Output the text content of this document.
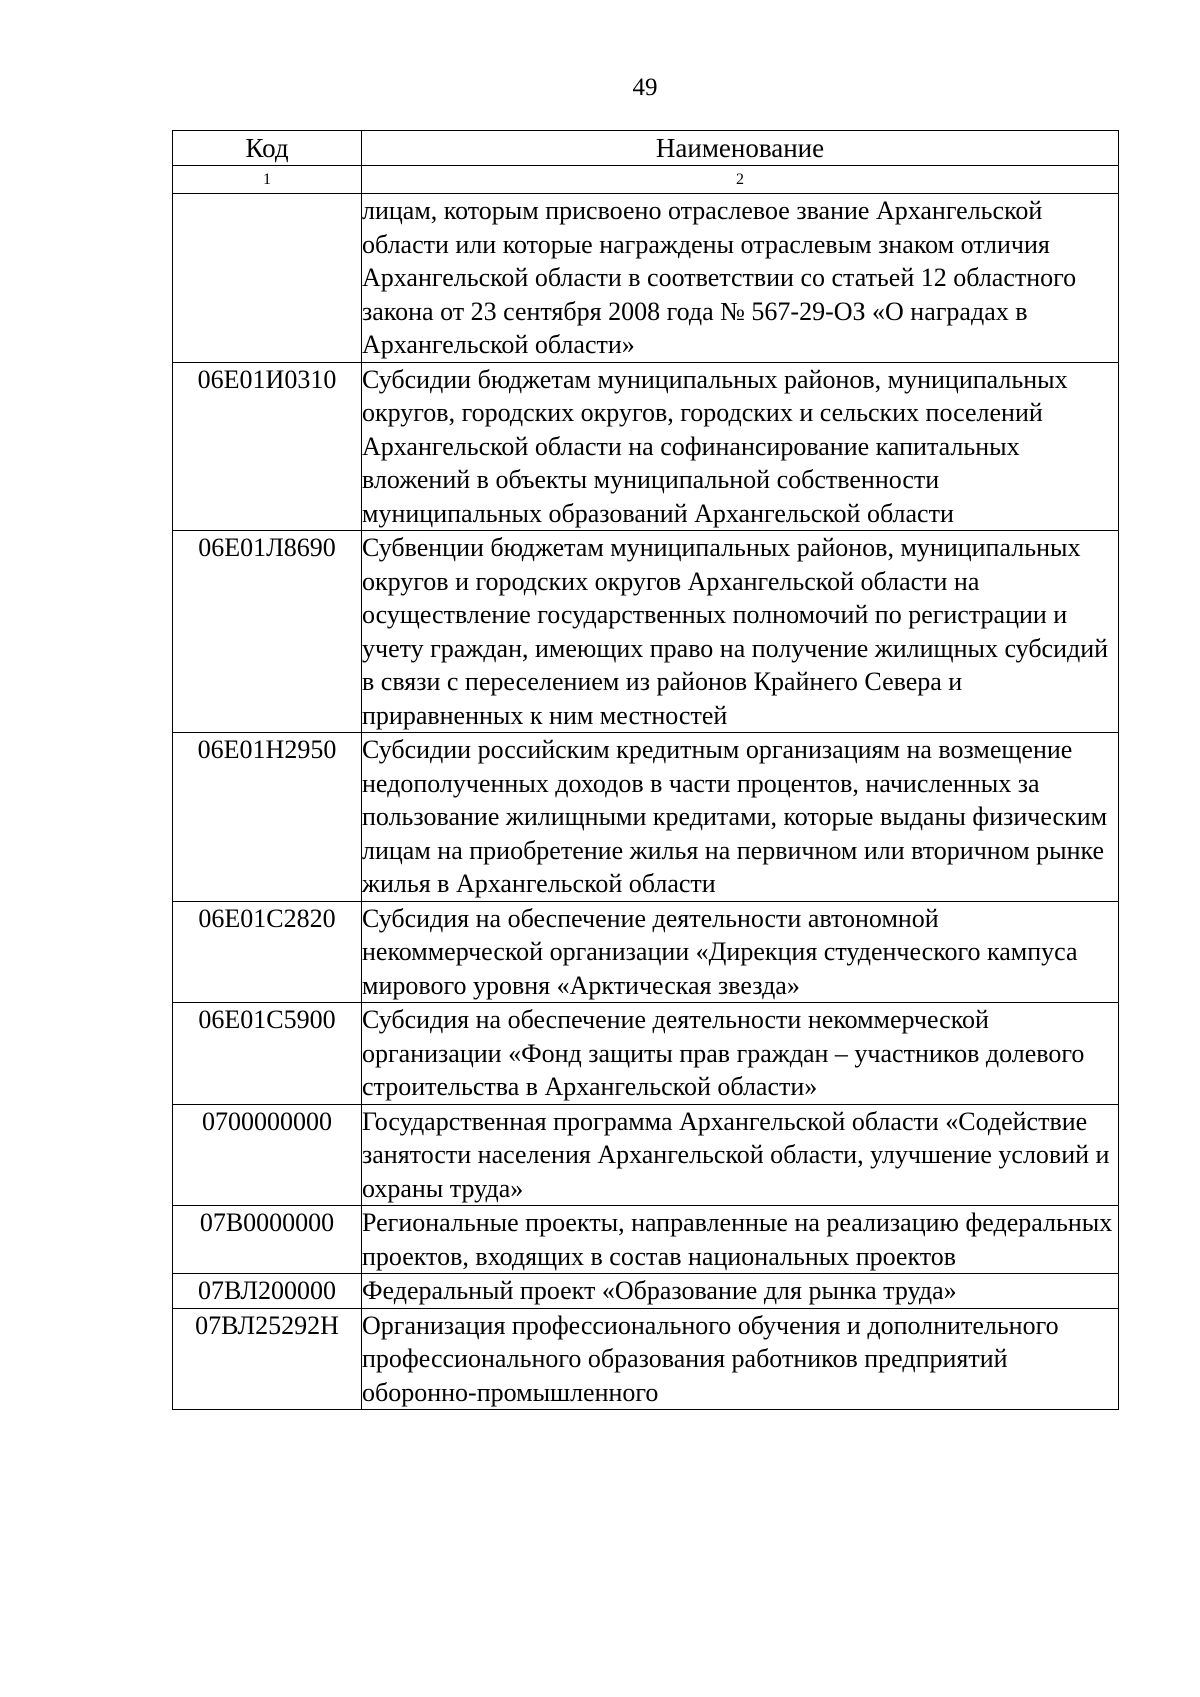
49
Код	Наименование
1	2
	лицам, которым присвоено отраслевое звание Архангельской области или которые награждены отраслевым знаком отличия Архангельской области в соответствии со статьей 12 областного закона от 23 сентября 2008 года № 567-29-ОЗ «О наградах в Архангельской области»
06Е01И0310	Субсидии бюджетам муниципальных районов, муниципальных округов, городских округов, городских и сельских поселений Архангельской области на софинансирование капитальных вложений в объекты муниципальной собственности муниципальных образований Архангельской области
06Е01Л8690	Субвенции бюджетам муниципальных районов, муниципальных округов и городских округов Архангельской области на осуществление государственных полномочий по регистрации и учету граждан, имеющих право на получение жилищных субсидий в связи с переселением из районов Крайнего Севера и приравненных к ним местностей
06Е01Н2950	Субсидии российским кредитным организациям на возмещение недополученных доходов в части процентов, начисленных за пользование жилищными кредитами, которые выданы физическим лицам на приобретение жилья на первичном или вторичном рынке жилья в Архангельской области
06Е01С2820	Субсидия на обеспечение деятельности автономной некоммерческой организации «Дирекция студенческого кампуса мирового уровня «Арктическая звезда»
06Е01С5900	Субсидия на обеспечение деятельности некоммерческой организации «Фонд защиты прав граждан – участников долевого строительства в Архангельской области»
0700000000	Государственная программа Архангельской области «Содействие занятости населения Архангельской области, улучшение условий и охраны труда»
07В0000000	Региональные проекты, направленные на реализацию федеральных проектов, входящих в состав национальных проектов
07ВЛ200000	Федеральный проект «Образование для рынка труда»
07ВЛ25292Н	Организация профессионального обучения и дополнительного профессионального образования работников предприятий оборонно-промышленного
